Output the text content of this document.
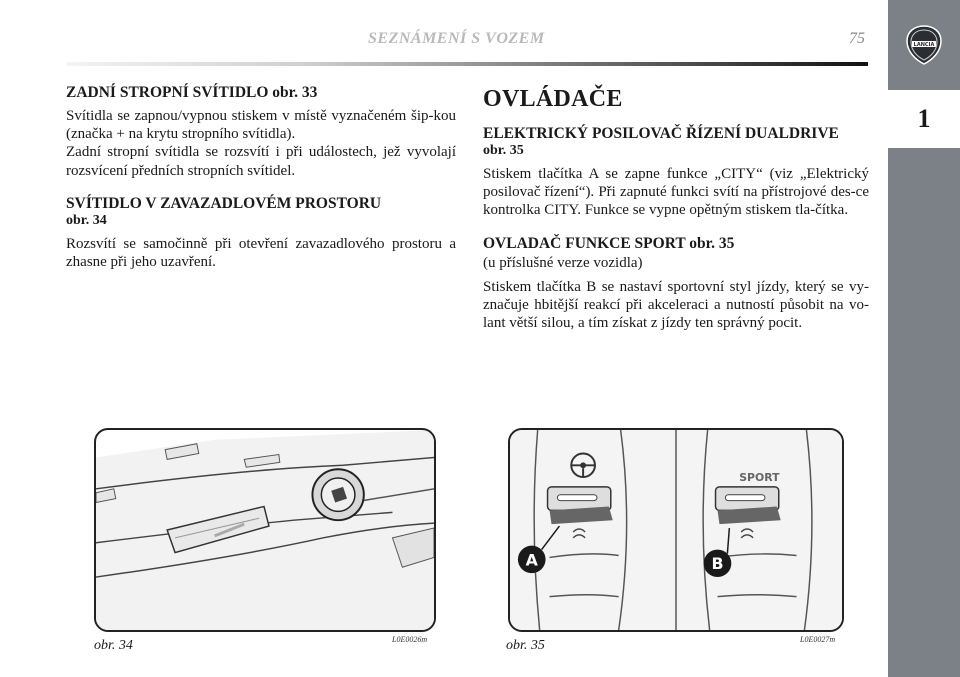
SEZNÁMENÍ S VOZEM	75	LANCIA
1
ZADNÍ STROPNÍ SVÍTIDLO obr. 33

Svítidla se zapnou/vypnou stiskem v místě vyznačeném šip-kou (značka + na krytu stropního svítidla).

Zadní stropní svítidla se rozsvítí i při událostech, jež vyvolají rozsvícení předních stropních svítidel.

SVÍTIDLO V ZAVAZADLOVÉM PROSTORU
obr. 34

Rozsvítí se samočinně při otevření zavazadlového prostoru a zhasne při jeho uzavření.

OVLÁDAČE
ELEKTRICKÝ POSILOVAČ ŘÍZENÍ DUALDRIVE
obr. 35

Stiskem tlačítka A se zapne funkce „CITY“ (viz „Elektrický posilovač řízení“). Při zapnuté funkci svítí na přístrojové des-ce kontrolka CITY. Funkce se vypne opětným stiskem tla-čítka.

OVLADAČ FUNKCE SPORT obr. 35

(u příslušné verze vozidla)

Stiskem tlačítka B se nastaví sportovní styl jízdy, který se vy-značuje hbitější reakcí při akceleraci a nutností působit na vo-lant větší silou, a tím získat z jízdy ten správný pocit.

obr. 34	L0E0026m
A
SPORT
B
obr. 35	L0E0027m
